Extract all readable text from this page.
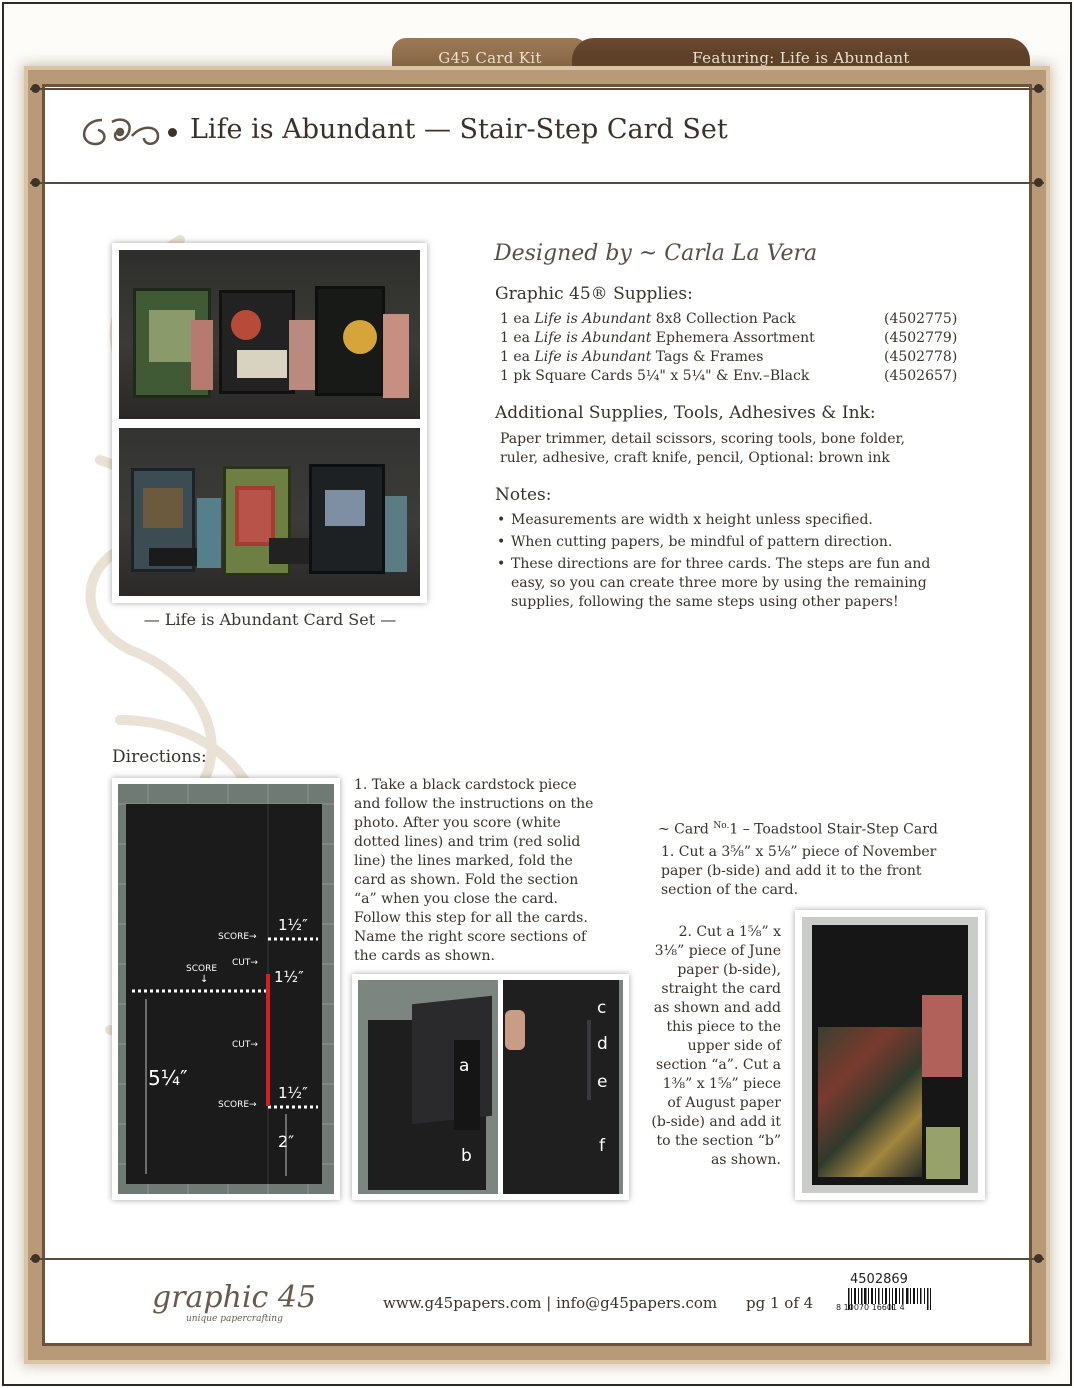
G45 Card Kit	Featuring: Life is Abundant
Life is Abundant — Stair-Step Card Set
— Life is Abundant Card Set —
Designed by ~ Carla La Vera
Graphic 45® Supplies:
1 ea Life is Abundant 8x8 Collection Pack	(4502775)
1 ea Life is Abundant Ephemera Assortment	(4502779)
1 ea Life is Abundant Tags & Frames	(4502778)
1 pk Square Cards 5¼" x 5¼" & Env.–Black	(4502657)
Additional Supplies, Tools, Adhesives & Ink:
Paper trimmer, detail scissors, scoring tools, bone folder,
ruler, adhesive, craft knife, pencil, Optional: brown ink
Notes:
• Measurements are width x height unless specified.
• When cutting papers, be mindful of pattern direction.
• These directions are for three cards. The steps are fun and easy, so you can create three more by using the remaining supplies, following the same steps using other papers!
Directions:
SCORE→
1½″
CUT→
SCORE
↓	1½″
CUT→
5¼″
SCORE→
1½″
2″
1. Take a black cardstock piece and follow the instructions on the photo. After you score (white dotted lines) and trim (red solid line) the lines marked, fold the card as shown. Fold the section “a” when you close the card. Follow this step for all the cards. Name the right score sections of the cards as shown.
a
b
c
d
e
f
~ Card $^{No.}$1 – Toadstool Stair-Step Card
1. Cut a 3⅝” x 5⅛” piece of November paper (b-side) and add it to the front section of the card.
2. Cut a 1⅝” x 3⅛” piece of June paper (b-side), straight the card as shown and add this piece to the upper side of section “a”. Cut a 1⅜” x 1⅝” piece of August paper (b-side) and add it to the section “b” as shown.
graphic 45
unique papercrafting
www.g45papers.com | info@g45papers.com pg 1 of 4
4502869
8 10070 16601 4
